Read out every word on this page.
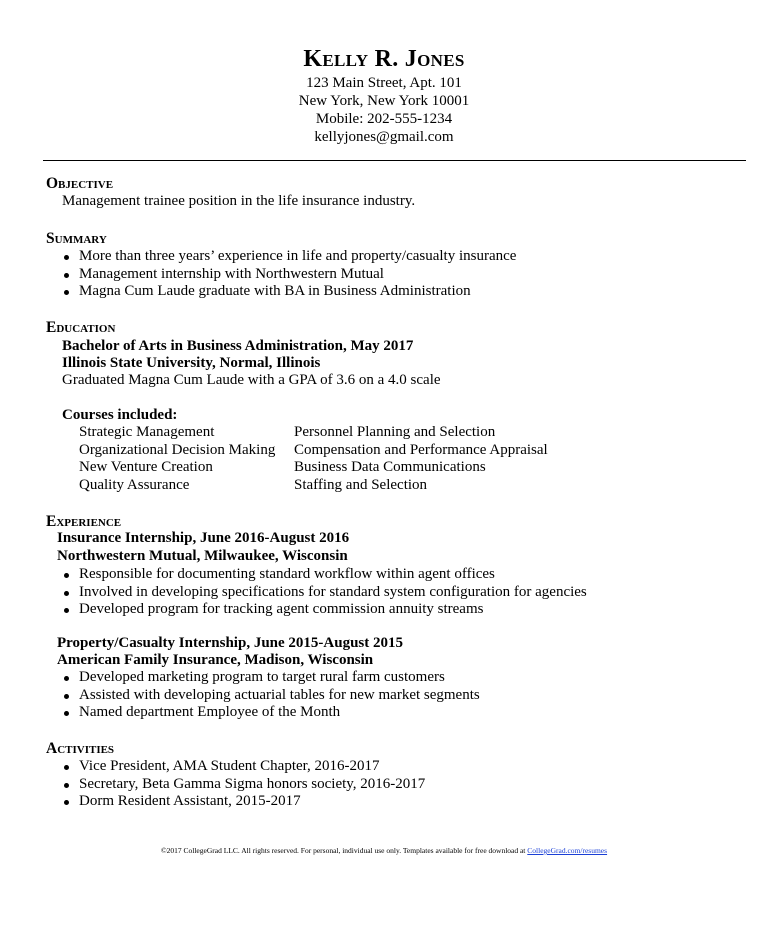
Kelly R. Jones
123 Main Street, Apt. 101
New York, New York 10001
Mobile: 202-555-1234
kellyjones@gmail.com
Objective
Management trainee position in the life insurance industry.
Summary
More than three years’ experience in life and property/casualty insurance
Management internship with Northwestern Mutual
Magna Cum Laude graduate with BA in Business Administration
Education
Bachelor of Arts in Business Administration, May 2017
Illinois State University, Normal, Illinois
Graduated Magna Cum Laude with a GPA of 3.6 on a 4.0 scale
Courses included:
Strategic Management	Personnel Planning and Selection
Organizational Decision Making	Compensation and Performance Appraisal
New Venture Creation	Business Data Communications
Quality Assurance	Staffing and Selection
Experience
Insurance Internship, June 2016-August 2016
Northwestern Mutual, Milwaukee, Wisconsin
Responsible for documenting standard workflow within agent offices
Involved in developing specifications for standard system configuration for agencies
Developed program for tracking agent commission annuity streams
Property/Casualty Internship, June 2015-August 2015
American Family Insurance, Madison, Wisconsin
Developed marketing program to target rural farm customers
Assisted with developing actuarial tables for new market segments
Named department Employee of the Month
Activities
Vice President, AMA Student Chapter, 2016-2017
Secretary, Beta Gamma Sigma honors society, 2016-2017
Dorm Resident Assistant, 2015-2017
©2017 CollegeGrad LLC. All rights reserved. For personal, individual use only. Templates available for free download at CollegeGrad.com/resumes
